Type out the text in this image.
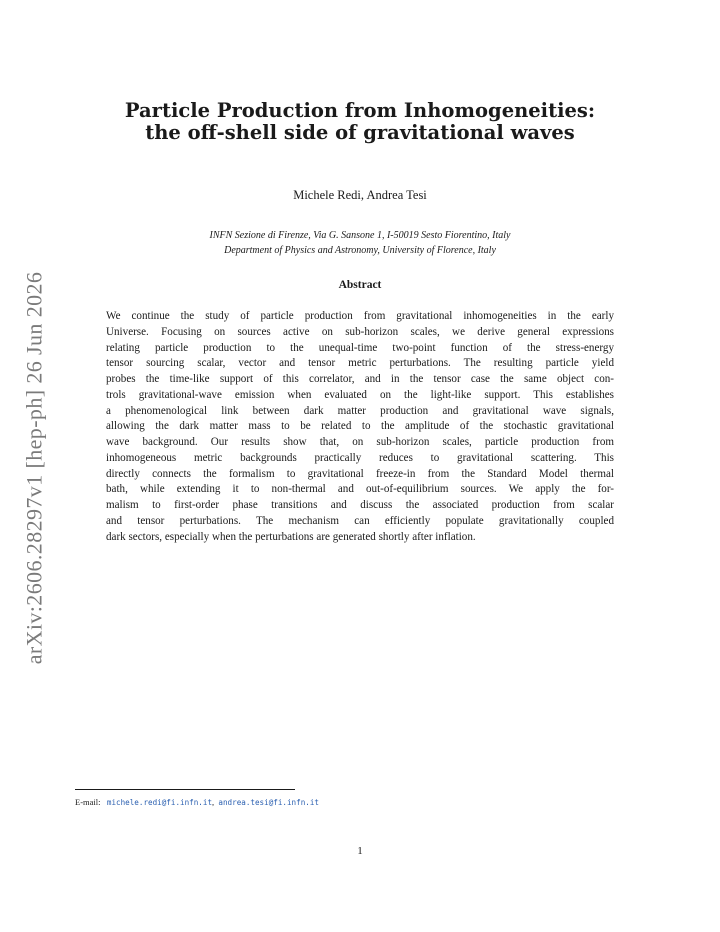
arXiv:2606.28297v1 [hep-ph] 26 Jun 2026
Particle Production from Inhomogeneities:
the off-shell side of gravitational waves
Michele Redi, Andrea Tesi
INFN Sezione di Firenze, Via G. Sansone 1, I-50019 Sesto Fiorentino, Italy
Department of Physics and Astronomy, University of Florence, Italy
Abstract
We continue the study of particle production from gravitational inhomogeneities in the early
Universe. Focusing on sources active on sub-horizon scales, we derive general expressions
relating particle production to the unequal-time two-point function of the stress-energy
tensor sourcing scalar, vector and tensor metric perturbations. The resulting particle yield
probes the time-like support of this correlator, and in the tensor case the same object con-
trols gravitational-wave emission when evaluated on the light-like support. This establishes
a phenomenological link between dark matter production and gravitational wave signals,
allowing the dark matter mass to be related to the amplitude of the stochastic gravitational
wave background. Our results show that, on sub-horizon scales, particle production from
inhomogeneous metric backgrounds practically reduces to gravitational scattering. This
directly connects the formalism to gravitational freeze-in from the Standard Model thermal
bath, while extending it to non-thermal and out-of-equilibrium sources. We apply the for-
malism to first-order phase transitions and discuss the associated production from scalar
and tensor perturbations. The mechanism can efficiently populate gravitationally coupled
dark sectors, especially when the perturbations are generated shortly after inflation.
E-mail: michele.redi@fi.infn.it, andrea.tesi@fi.infn.it
1
